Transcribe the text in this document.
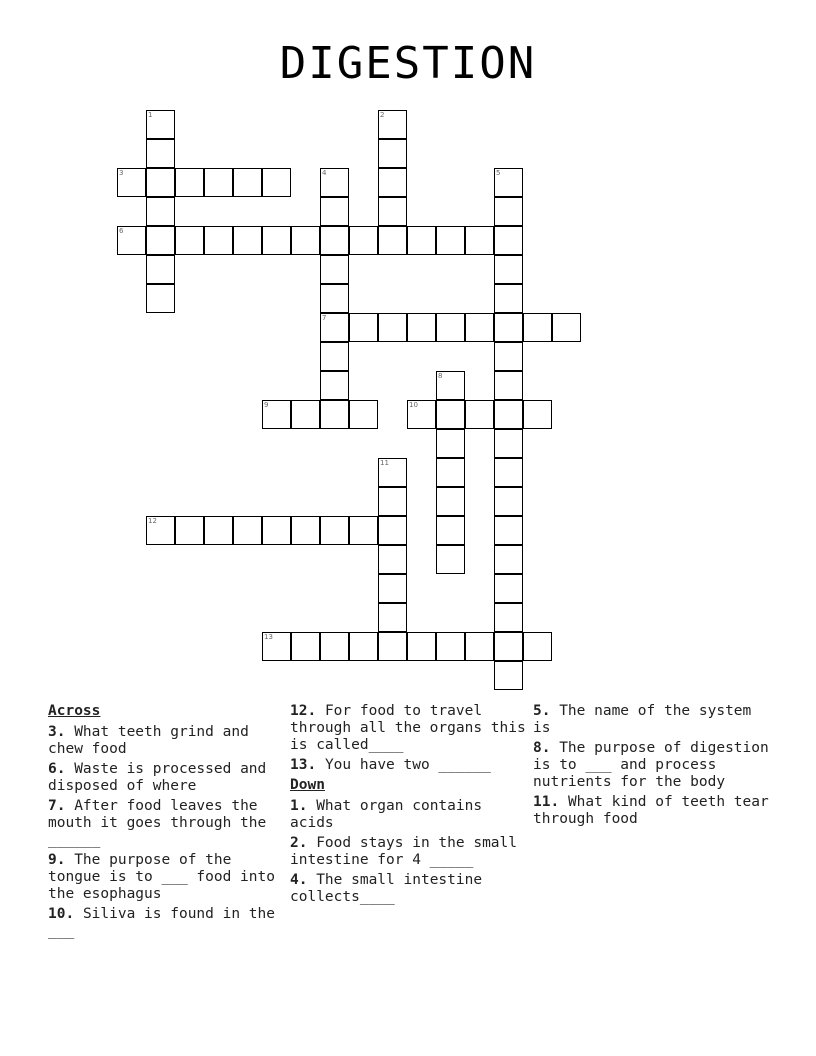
DIGESTION
1	2
3	4
7
5
6
8
9	10
11
12
13
Across
3. What teeth grind and chew food
6. Waste is processed and disposed of where
7. After food leaves the mouth it goes through the ______
9. The purpose of the tongue is to ___ food into the esophagus
10. Siliva is found in the ___
12. For food to travel through all the organs this is called____
13. You have two ______
Down
1. What organ contains acids
2. Food stays in the small intestine for 4 _____
4. The small intestine collects____
5. The name of the system is
8. The purpose of digestion is to ___ and process nutrients for the body
11. What kind of teeth tear through food
